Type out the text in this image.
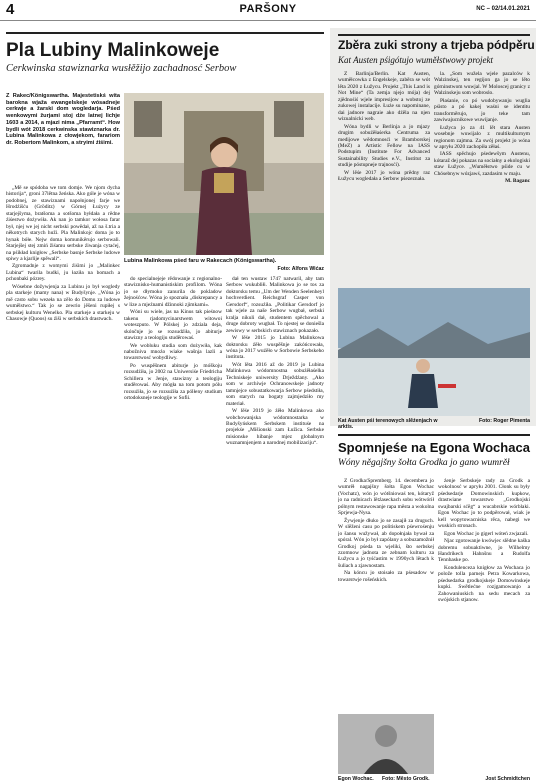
4	PARŠONY	NC – 02/14.01.2021
Pla Lubiny Malinkoweje
Cerkwinska stawiznarka wusłěžijo zachadnosć Serbow
Z Rakec/Königswartha. Majestetiskś wita barokna wjaža ewangelskeje wósadneje cerkwje a žarski dom wogledarja. Pśed wenkowymi žurjami stoj dźe latnej lichje 1603 a 2014, a mjazi nima „Pfarramt“. How bydli wót 2018 cerkwinska stawiznarka dr. Lubina Malinkowa z cłowjekom, farariom dr. Robertom Malinkom, a stryimi źiśimi.
Lubina Malinkowa pśed faru w Rakecach (Königswartha).
Foto: Alfons Wićaz

„Mě se spódoba we tom domje. We njom dycha historija“, groni 37lětna žeńska. Ako góle je wóna w podobnej, ze stawiznami napołnjonej farje we Hrodźišću (Gröditz) w Górnej Łużycy ze starjejšyma, bratšoma a sotšoma byłdała a rědne źiśestwo dożywiła. Ak nan jo tamkor wołosa farar był, njej we jej nicht serbski powědał, až na š.tria a někotrych starych huži. Pla Malinkojc doma jo to hynak bółe. Nejw doma komunikěrujo serbowali. Starjejšej stej zmiń žiśamu serbske źiwanja cytaćej, na pśikład knigłow „Serbske basnje Serbske ludowe spiwy a kjarlije spěwali“.

Zgromadnje z womymi źiśimi jo „Malinkec Lubina“ twarila budki, ju łaziła na bomach a pchonbaki pózrey.

Wósebne dožywjenja za Lubinu jo był wogledy pla starkeje (mamy nana) w Budyšynje. „Wóna jo mě czsto sobu wezeła na zělo do Domu za ludowe wumělstwo.“ Tak jo se zewrio jěšeni rupiłej s serbskej kulturu Wenelko. Pla starkeje a starkeju w Chasowje (Quoos) su źiši w serbskich drastwach.

do specialnejeje rědowanje z regionalno-stawiznisko-humanistiskim profilom. Wóna jo se dłymoko zanurila do pokladow žejnośćow. Wóna jo spoznała „diskrepancy a w lize a mjeźnami džinnoki zjimkami«.

Wóni su wiele, jas na Kinus tak pieśnow takenu rjadomycinarstwem witowoi woteszputo. W Pólskej jo zdziala deja, skónčnje jo se rozsudźiła, jo abiturje stawizny a teologiju studěrowaś.

We wobluku studia som dożywiła, kak nabožniva mnoźo wiake wašnja lazli a towarstwosć wobydliwy.

Po wuspěšnem abiturje jo móškoju rozsudźiła, jo 2002 na Uniwersiśe Friedricha Schillera w Jenje, stawizny a teologiju studěrowaś. Aby mógła na tom potom pólu rozsuźiła, jo se rozsuźiła za pólłeny studium ortodoksneje teologije w Sofii.

dał ten wustaw 1747 natwaril, aby tam Serbow wukubliłi. Malinkowa jo se tos za doktorsku temu „Um der Wenden Seelenheyl hochverdient. Reichsgraf Casper von Gersdorf“, rozsuźiła. „Politikar Gersdorf jo tak wjele za naše Serbow wugbał, serbski kralja nikuli dał, studentem spěchowal a druge dobroty wugbał. To njestej se doniešla zewiswy w serbskich stawiznach pokazało.

W lěśe 2015 jo Lubina Malinkowa doktorsku źěło wuspěšnje zakóńcowała, wóna jo 2017 wuźěło w Sorbowie Serbskeho instituta.

Wót lěta 2016 až do 2019 jo Lubina Malinkowa wódomnostna sobuźěłaśelka Techniskeje uniwersity Drježdźany. „Ako som w archiwje Ochranowskeje jadnoty tamnjejce sobustatkowarja Serbow pśedstiła, som starych na bogaty zajmjedziło my materiał.

W lěśe 2019 jo źěło Malinkowa ako wobchowanjska wódomnostarka w Budyšyńskem Serbskem instituśe na projekśe „Mišionski zam Łužica. Serbske misionske hibanje mjez globalnym wuznamnjenjem a narodnej mobilizaciju“.

Zběra zuki strony a trjeba pódpěru
Kat Austen pśigótujo wuměłstwowy projekt

Z Barlinja/Berlin. Kat Austen, wuměłcowka z Engelskeje, zaběra se wót lěta 2020 z Łužycu. Projekt „This Land is Not Mine“ (Ta zemja njejo mója) dej zjědnośiś wjele impresijow a wobstoj ze zukowej instalacije. Łuże su napominane, dai jadnore nagraie ako dźěla na njen wizualnicki web.

Wóna bydli w Berlinja a jo mjazy drugim sobuźěłaśerka Centruma za medijowe wědomnosći w Bramborskej (MeZ) a Artistic Fellow na IASS Podstupim (Institute For Advanced Sustainability Studies e.V., Institut za studije póstupneje trajnosći).

W lěśe 2017 jo wóna prědny raz Łužycu wogledała a Serbow pśezeznała.

la. „Som wužela wjele pazalców k Walzinskej, ten regijon ga jo se lěto górninstwom wuwjal. W Moloscej granicy z Walzinskeju som wobroslo.

Płaśanie, co pó wudobywanju wuglia pśisto a pó kakej waśni se identitu transforměrujo, jo teke tam zawiwajucnikowe wuwijanje.

Łužyca jo za 41 lět stara Austen wosebnje wuwijalo z multikulturnym regionom zajmna. Za swój projekt jo wóna w apryłu 2020 zachopiła zěłaś.

IASS spěchujo pśedewšym Austenu, kótaraž dej pokazas na sociałny a ekologiski staw Łužyce. „Wuměłstwo pśide cu w Chósebnyw wózjawś, zazdasim w maju.

M. Baganc

Kat Austen pśi terenowych slěźenjach w arktis.
Foto: Roger Pimenta
Spomnjeśe na Egona Wochaca
Wóny něgajšny šołta Grodka jo gano wumrěł

Z Grodka/Spremberg. 14. decembera jo wumrěł nagajšny šołta Egon Wochac (Vochatz), wón jo wótšniowaś ten, kótaryž jo na radnicach lětźaseckach sobu wótwórił pólnym restawowanje rapa města a wokolna Sprjewja-Nysa.

Žywjenje dłuko jo se zasajił za druguch. W slěženi casu po politiskem pśewrośenju jo šansu wužywał, ab dopołnjała bywał za spóral. Wón jo był zapólany a sobuzamožnił Grodkoj pśeda ta wjeliki, što serbskej zzomnow jadnota ze zebnam kulturu za Łužycu a jo tyśćastim w 1990ych lětach k šuliach a zjawnostam.

Na kóncu jo stoisało za pśesadow w towarstwje rošeńskich.

źenje Serbskeje rady za Grodk a wokolnosć w apryłu 2001. Cłonk su były pśedsedarje Domowinskich kupkow, drastwiane towarstwo „Grodkojski swajbarski sćěg“ a wucabrskie wórblaki. Egon Wochac jo to podpěrował, wiak je kell wopytowacniska rěca, nabegi we wuskich stronach.

Egon Wochac jo gigerl wóteń zwjazali.

Njac zgotowanje kwówjec slědne kaška dobremu sobuaktiwne, jo Wilhelmy Handrikech Hahnšnu a Rudolfa Tennhaske po.

Kondulenceza knigłow za Wochaca jo polože tolla parnejs Petra Kowarkowa, pśedsedarka grodkojskeje Domowinskeje kupki. Swětlećne rozjgamowanjo a Zahowaniuskich na sedu mecach za swójskich stjanow.

Egon Wochac.	Foto: Město Grodk.	Jost Schmidtchen
